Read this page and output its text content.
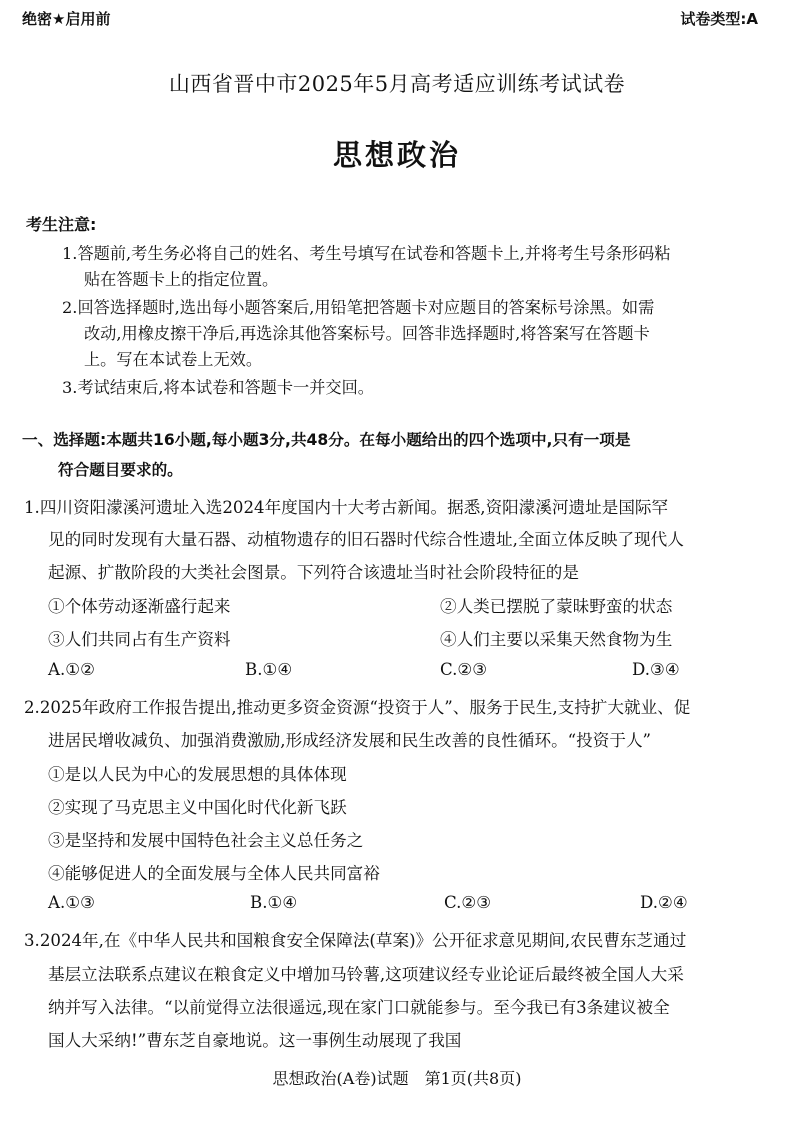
绝密★启用前	试卷类型:A
山西省晋中市2025年5月高考适应训练考试试卷
思想政治
考生注意:
1.答题前,考生务必将自己的姓名、考生号填写在试卷和答题卡上,并将考生号条形码粘
贴在答题卡上的指定位置。
2.回答选择题时,选出每小题答案后,用铅笔把答题卡对应题目的答案标号涂黑。如需
改动,用橡皮擦干净后,再选涂其他答案标号。回答非选择题时,将答案写在答题卡
上。写在本试卷上无效。
3.考试结束后,将本试卷和答题卡一并交回。
一、选择题:本题共16小题,每小题3分,共48分。在每小题给出的四个选项中,只有一项是
符合题目要求的。
1.四川资阳濛溪河遗址入选2024年度国内十大考古新闻。据悉,资阳濛溪河遗址是国际罕
见的同时发现有大量石器、动植物遗存的旧石器时代综合性遗址,全面立体反映了现代人
起源、扩散阶段的大类社会图景。下列符合该遗址当时社会阶段特征的是
①个体劳动逐渐盛行起来	②人类已摆脱了蒙昧野蛮的状态
③人们共同占有生产资料	④人们主要以采集天然食物为生
A.①②	B.①④	C.②③	D.③④
2.2025年政府工作报告提出,推动更多资金资源“投资于人”、服务于民生,支持扩大就业、促
进居民增收减负、加强消费激励,形成经济发展和民生改善的良性循环。“投资于人”
①是以人民为中心的发展思想的具体体现
②实现了马克思主义中国化时代化新飞跃
③是坚持和发展中国特色社会主义总任务之
④能够促进人的全面发展与全体人民共同富裕
A.①③	B.①④	C.②③	D.②④
3.2024年,在《中华人民共和国粮食安全保障法(草案)》公开征求意见期间,农民曹东芝通过
基层立法联系点建议在粮食定义中增加马铃薯,这项建议经专业论证后最终被全国人大采
纳并写入法律。“以前觉得立法很遥远,现在家门口就能参与。至今我已有3条建议被全
国人大采纳!”曹东芝自豪地说。这一事例生动展现了我国
思想政治(A卷)试题　第1页(共8页)
